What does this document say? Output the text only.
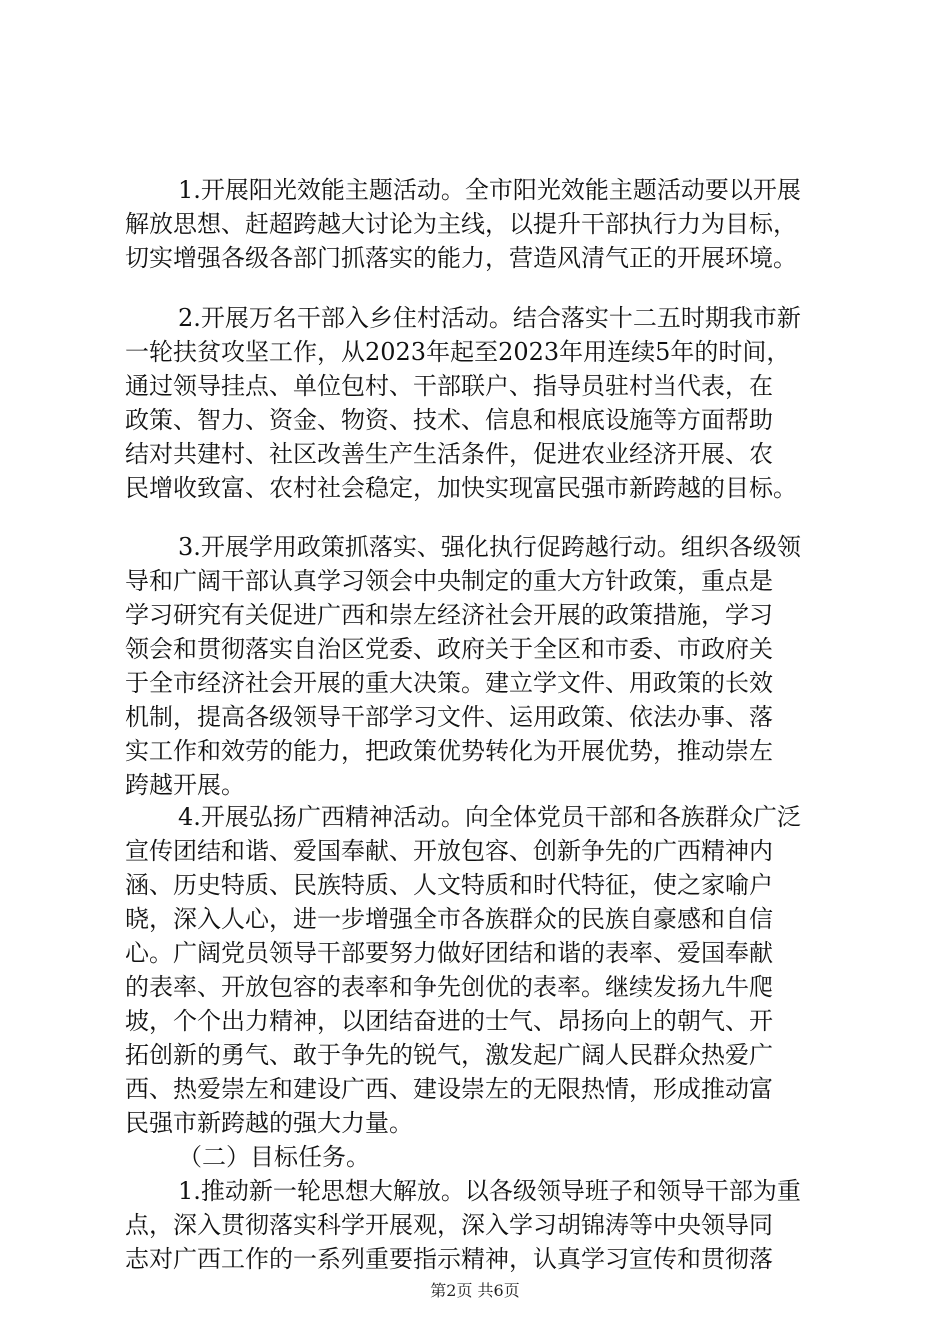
1.开展阳光效能主题活动。全市阳光效能主题活动要以开展
解放思想、赶超跨越大讨论为主线，以提升干部执行力为目标，
切实增强各级各部门抓落实的能力，营造风清气正的开展环境。
2.开展万名干部入乡住村活动。结合落实十二五时期我市新
一轮扶贫攻坚工作，从2023年起至2023年用连续5年的时间，
通过领导挂点、单位包村、干部联户、指导员驻村当代表，在
政策、智力、资金、物资、技术、信息和根底设施等方面帮助
结对共建村、社区改善生产生活条件，促进农业经济开展、农
民增收致富、农村社会稳定，加快实现富民强市新跨越的目标。
3.开展学用政策抓落实、强化执行促跨越行动。组织各级领
导和广阔干部认真学习领会中央制定的重大方针政策，重点是
学习研究有关促进广西和崇左经济社会开展的政策措施，学习
领会和贯彻落实自治区党委、政府关于全区和市委、市政府关
于全市经济社会开展的重大决策。建立学文件、用政策的长效
机制，提高各级领导干部学习文件、运用政策、依法办事、落
实工作和效劳的能力，把政策优势转化为开展优势，推动崇左
跨越开展。
4.开展弘扬广西精神活动。向全体党员干部和各族群众广泛
宣传团结和谐、爱国奉献、开放包容、创新争先的广西精神内
涵、历史特质、民族特质、人文特质和时代特征，使之家喻户
晓，深入人心，进一步增强全市各族群众的民族自豪感和自信
心。广阔党员领导干部要努力做好团结和谐的表率、爱国奉献
的表率、开放包容的表率和争先创优的表率。继续发扬九牛爬
坡，个个出力精神，以团结奋进的士气、昂扬向上的朝气、开
拓创新的勇气、敢于争先的锐气，激发起广阔人民群众热爱广
西、热爱崇左和建设广西、建设崇左的无限热情，形成推动富
民强市新跨越的强大力量。
（二）目标任务。
1.推动新一轮思想大解放。以各级领导班子和领导干部为重
点，深入贯彻落实科学开展观，深入学习胡锦涛等中央领导同
志对广西工作的一系列重要指示精神，认真学习宣传和贯彻落
第2页 共6页
